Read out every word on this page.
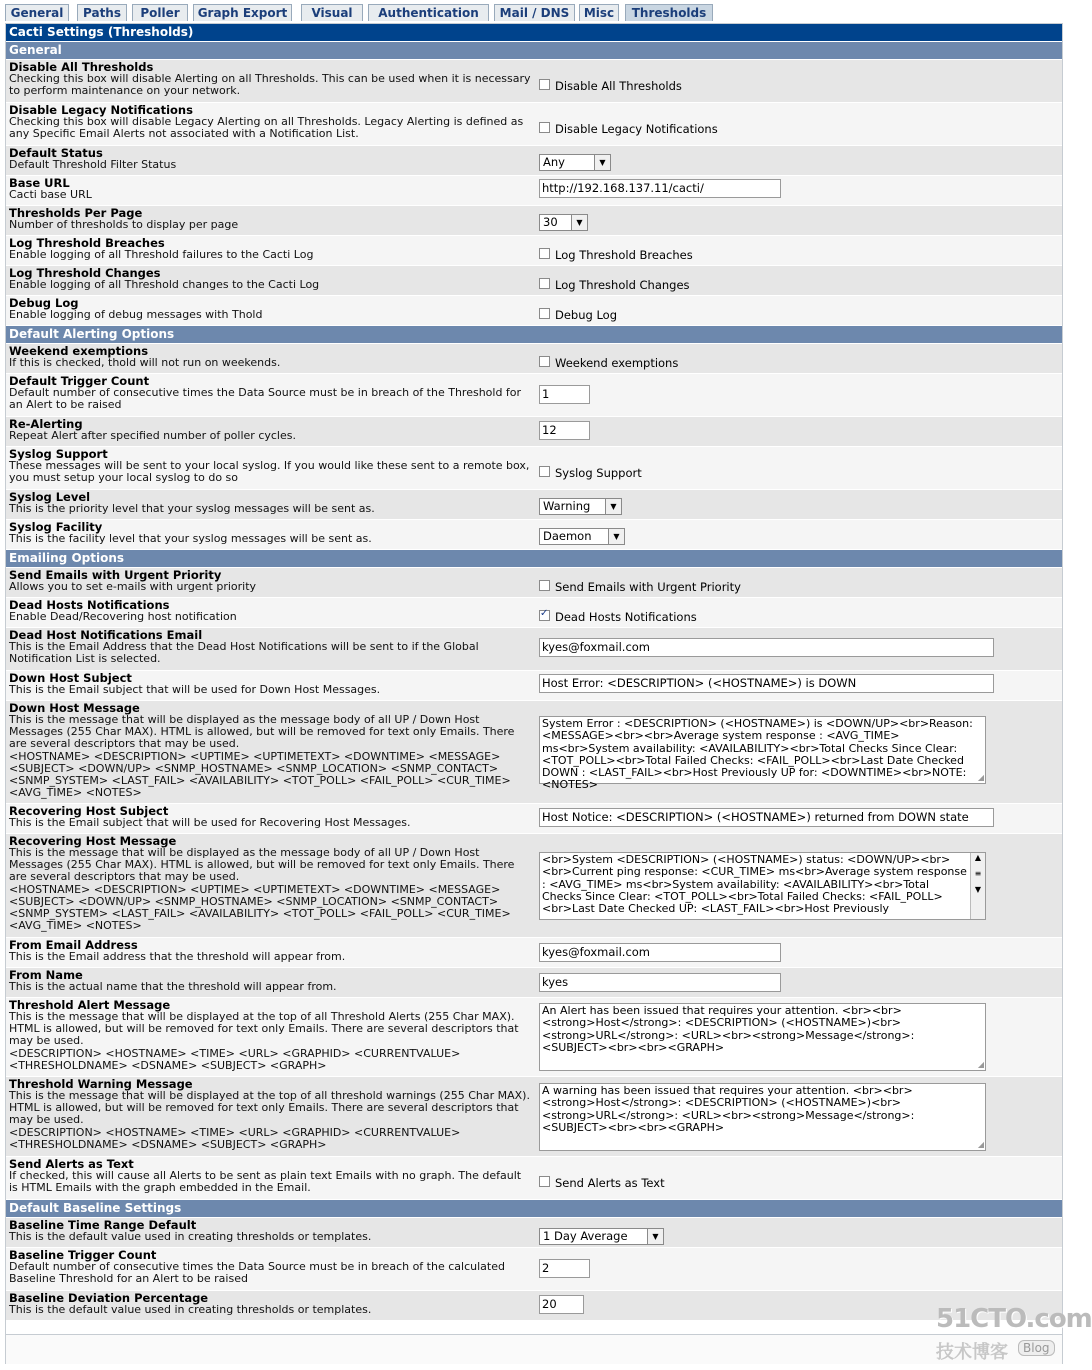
General	Paths	Poller	Graph Export	Visual	Authentication	Mail / DNS	Misc	Thresholds
Cacti Settings (Thresholds)
General
Disable All Thresholds
Checking this box will disable Alerting on all Thresholds. This can be used when it is necessary to perform maintenance on your network.	Disable All Thresholds
Disable Legacy Notifications
Checking this box will disable Legacy Alerting on all Thresholds. Legacy Alerting is defined as any Specific Email Alerts not associated with a Notification List.	Disable Legacy Notifications
Default Status
Default Threshold Filter Status	Any	▼
Base URL
Cacti base URL	http://192.168.137.11/cacti/
Thresholds Per Page
Number of thresholds to display per page	30	▼
Log Threshold Breaches
Enable logging of all Threshold failures to the Cacti Log	Log Threshold Breaches
Log Threshold Changes
Enable logging of all Threshold changes to the Cacti Log	Log Threshold Changes
Debug Log
Enable logging of debug messages with Thold	Debug Log
Default Alerting Options
Weekend exemptions
If this is checked, thold will not run on weekends.	Weekend exemptions
Default Trigger Count
Default number of consecutive times the Data Source must be in breach of the Threshold for an Alert to be raised
1
Re-Alerting
Repeat Alert after specified number of poller cycles.	12
Syslog Support
These messages will be sent to your local syslog. If you would like these sent to a remote box, you must setup your local syslog to do so	Syslog Support
Syslog Level
This is the priority level that your syslog messages will be sent as.	Warning	▼
Syslog Facility
This is the facility level that your syslog messages will be sent as.	Daemon	▼
Emailing Options
Send Emails with Urgent Priority
Allows you to set e-mails with urgent priority	Send Emails with Urgent Priority
Dead Hosts Notifications
Enable Dead/Recovering host notification
✓	Dead Hosts Notifications
Dead Host Notifications Email
This is the Email Address that the Dead Host Notifications will be sent to if the Global Notification List is selected.
kyes@foxmail.com
Down Host Subject
This is the Email subject that will be used for Down Host Messages.	Host Error: <DESCRIPTION> (<HOSTNAME>) is DOWN
Down Host Message
This is the message that will be displayed as the message body of all UP / Down Host Messages (255 Char MAX). HTML is allowed, but will be removed for text only Emails. There are several descriptors that may be used.
<HOSTNAME> <DESCRIPTION> <UPTIME> <UPTIMETEXT> <DOWNTIME> <MESSAGE> <SUBJECT> <DOWN/UP> <SNMP_HOSTNAME> <SNMP_LOCATION> <SNMP_CONTACT> <SNMP_SYSTEM> <LAST_FAIL> <AVAILABILITY> <TOT_POLL> <FAIL_POLL> <CUR_TIME> <AVG_TIME> <NOTES>
System Error : <DESCRIPTION> (<HOSTNAME>) is <DOWN/UP><br>Reason: <MESSAGE><br><br>Average system response : <AVG_TIME> ms<br>System availability: <AVAILABILITY><br>Total Checks Since Clear: <TOT_POLL><br>Total Failed Checks: <FAIL_POLL><br>Last Date Checked DOWN : <LAST_FAIL><br>Host Previously UP for: <DOWNTIME><br>NOTE: <NOTES>
◢
Recovering Host Subject
This is the Email subject that will be used for Recovering Host Messages.	Host Notice: <DESCRIPTION> (<HOSTNAME>) returned from DOWN state
Recovering Host Message
This is the message that will be displayed as the message body of all UP / Down Host Messages (255 Char MAX). HTML is allowed, but will be removed for text only Emails. There are several descriptors that may be used.
<HOSTNAME> <DESCRIPTION> <UPTIME> <UPTIMETEXT> <DOWNTIME> <MESSAGE> <SUBJECT> <DOWN/UP> <SNMP_HOSTNAME> <SNMP_LOCATION> <SNMP_CONTACT> <SNMP_SYSTEM> <LAST_FAIL> <AVAILABILITY> <TOT_POLL> <FAIL_POLL> <CUR_TIME> <AVG_TIME> <NOTES>
<br>System <DESCRIPTION> (<HOSTNAME>) status: <DOWN/UP><br><br>Current ping response: <CUR_TIME> ms<br>Average system response : <AVG_TIME> ms<br>System availability: <AVAILABILITY><br>Total Checks Since Clear: <TOT_POLL><br>Total Failed Checks: <FAIL_POLL><br>Last Date Checked UP: <LAST_FAIL><br>Host Previously
▲
≡
▼
From Email Address
This is the Email address that the threshold will appear from.	kyes@foxmail.com
From Name
This is the actual name that the threshold will appear from.	kyes
Threshold Alert Message
This is the message that will be displayed at the top of all Threshold Alerts (255 Char MAX). HTML is allowed, but will be removed for text only Emails. There are several descriptors that may be used.
<DESCRIPTION> <HOSTNAME> <TIME> <URL> <GRAPHID> <CURRENTVALUE> <THRESHOLDNAME> <DSNAME> <SUBJECT> <GRAPH>
An Alert has been issued that requires your attention. <br><br><strong>Host</strong>: <DESCRIPTION> (<HOSTNAME>)<br><strong>URL</strong>: <URL><br><strong>Message</strong>: <SUBJECT><br><br><GRAPH>
◢
Threshold Warning Message
This is the message that will be displayed at the top of all threshold warnings (255 Char MAX). HTML is allowed, but will be removed for text only Emails. There are several descriptors that may be used.
<DESCRIPTION> <HOSTNAME> <TIME> <URL> <GRAPHID> <CURRENTVALUE> <THRESHOLDNAME> <DSNAME> <SUBJECT> <GRAPH>
A warning has been issued that requires your attention. <br><br><strong>Host</strong>: <DESCRIPTION> (<HOSTNAME>)<br><strong>URL</strong>: <URL><br><strong>Message</strong>: <SUBJECT><br><br><GRAPH>
◢
Send Alerts as Text
If checked, this will cause all Alerts to be sent as plain text Emails with no graph. The default is HTML Emails with the graph embedded in the Email.	Send Alerts as Text
Default Baseline Settings
Baseline Time Range Default
This is the default value used in creating thresholds or templates.	1 Day Average	▼
Baseline Trigger Count
Default number of consecutive times the Data Source must be in breach of the calculated Baseline Threshold for an Alert to be raised
2
Baseline Deviation Percentage
This is the default value used in creating thresholds or templates.	20	51CTO.com
技术博客	Blog
